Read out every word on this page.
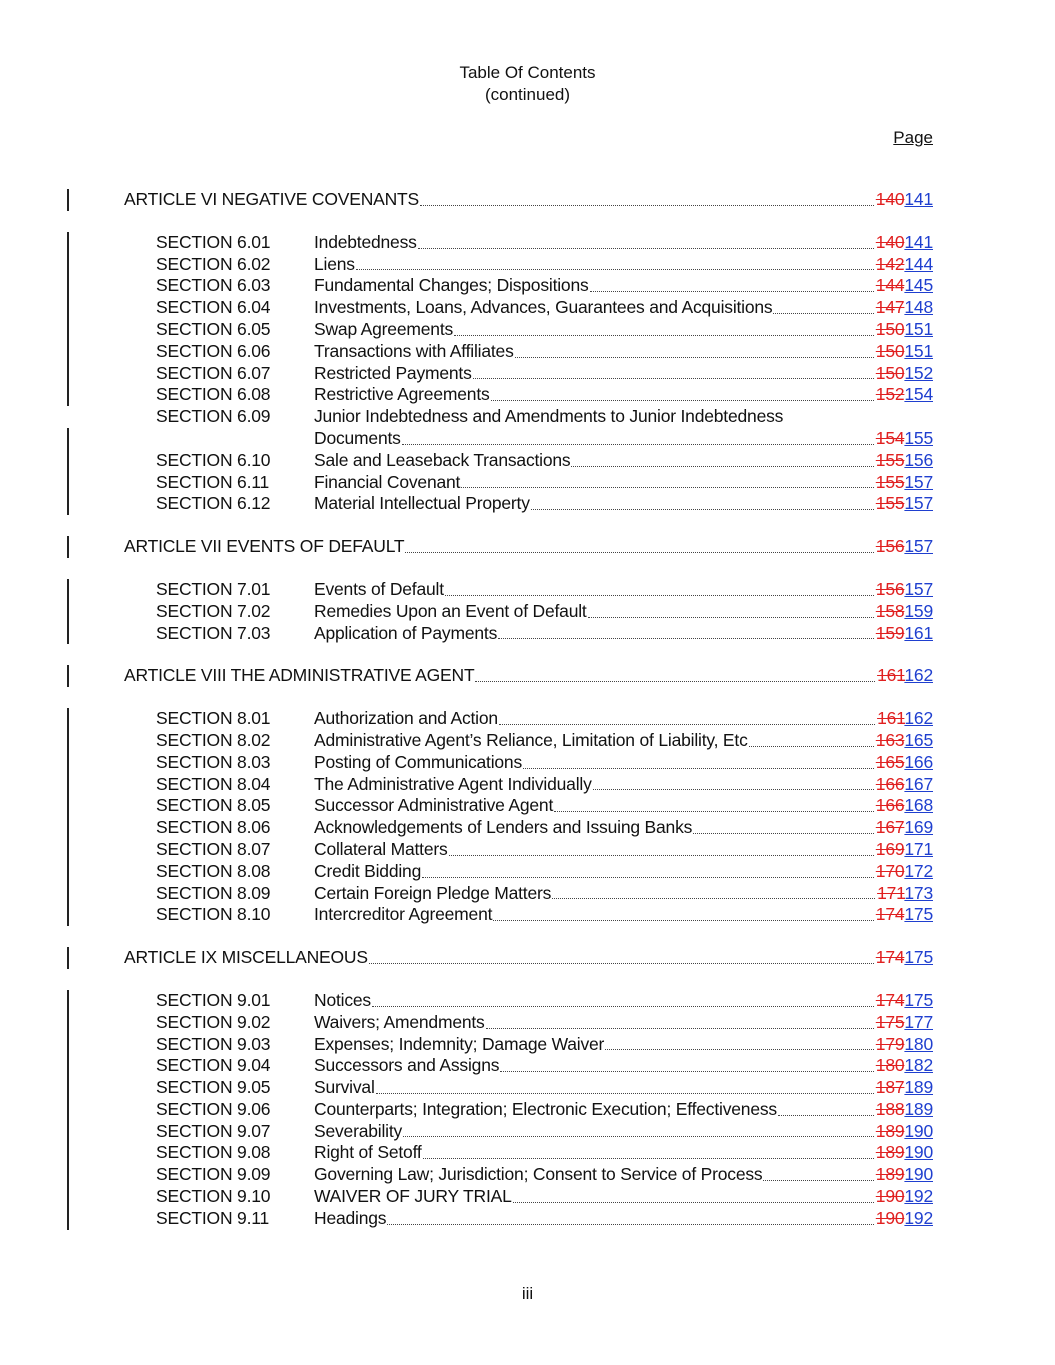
Table Of Contents
(continued)
Page
ARTICLE VI NEGATIVE COVENANTS	140141
SECTION 6.01 Indebtedness	140141
SECTION 6.02 Liens	142144
SECTION 6.03 Fundamental Changes; Dispositions	144145
SECTION 6.04 Investments, Loans, Advances, Guarantees and Acquisitions	147148
SECTION 6.05 Swap Agreements	150151
SECTION 6.06 Transactions with Affiliates	150151
SECTION 6.07 Restricted Payments	150152
SECTION 6.08 Restrictive Agreements	152154
SECTION 6.09 Junior Indebtedness and Amendments to Junior Indebtedness
Documents	154155
SECTION 6.10 Sale and Leaseback Transactions	155156
SECTION 6.11	Financial Covenant	155157
SECTION 6.12 Material Intellectual Property	155157
ARTICLE VII EVENTS OF DEFAULT	156157
SECTION 7.01 Events of Default	156157
SECTION 7.02 Remedies Upon an Event of Default	158159
SECTION 7.03 Application of Payments	159161
ARTICLE VIII THE ADMINISTRATIVE AGENT	161162
SECTION 8.01 Authorization and Action	161162
SECTION 8.02 Administrative Agent’s Reliance, Limitation of Liability, Etc	163165
SECTION 8.03 Posting of Communications	165166
SECTION 8.04 The Administrative Agent Individually	166167
SECTION 8.05 Successor Administrative Agent	166168
SECTION 8.06 Acknowledgements of Lenders and Issuing Banks	167169
SECTION 8.07 Collateral Matters	169171
SECTION 8.08 Credit Bidding	170172
SECTION 8.09 Certain Foreign Pledge Matters	171173
SECTION 8.10 Intercreditor Agreement	174175
ARTICLE IX MISCELLANEOUS	174175
SECTION 9.01 Notices	174175
SECTION 9.02 Waivers; Amendments	175177
SECTION 9.03 Expenses; Indemnity; Damage Waiver	179180
SECTION 9.04 Successors and Assigns	180182
SECTION 9.05 Survival	187189
SECTION 9.06 Counterparts; Integration; Electronic Execution; Effectiveness	188189
SECTION 9.07 Severability	189190
SECTION 9.08 Right of Setoff	189190
SECTION 9.09 Governing Law; Jurisdiction; Consent to Service of Process	189190
SECTION 9.10 WAIVER OF JURY TRIAL	190192
SECTION 9.11	Headings	190192
iii
